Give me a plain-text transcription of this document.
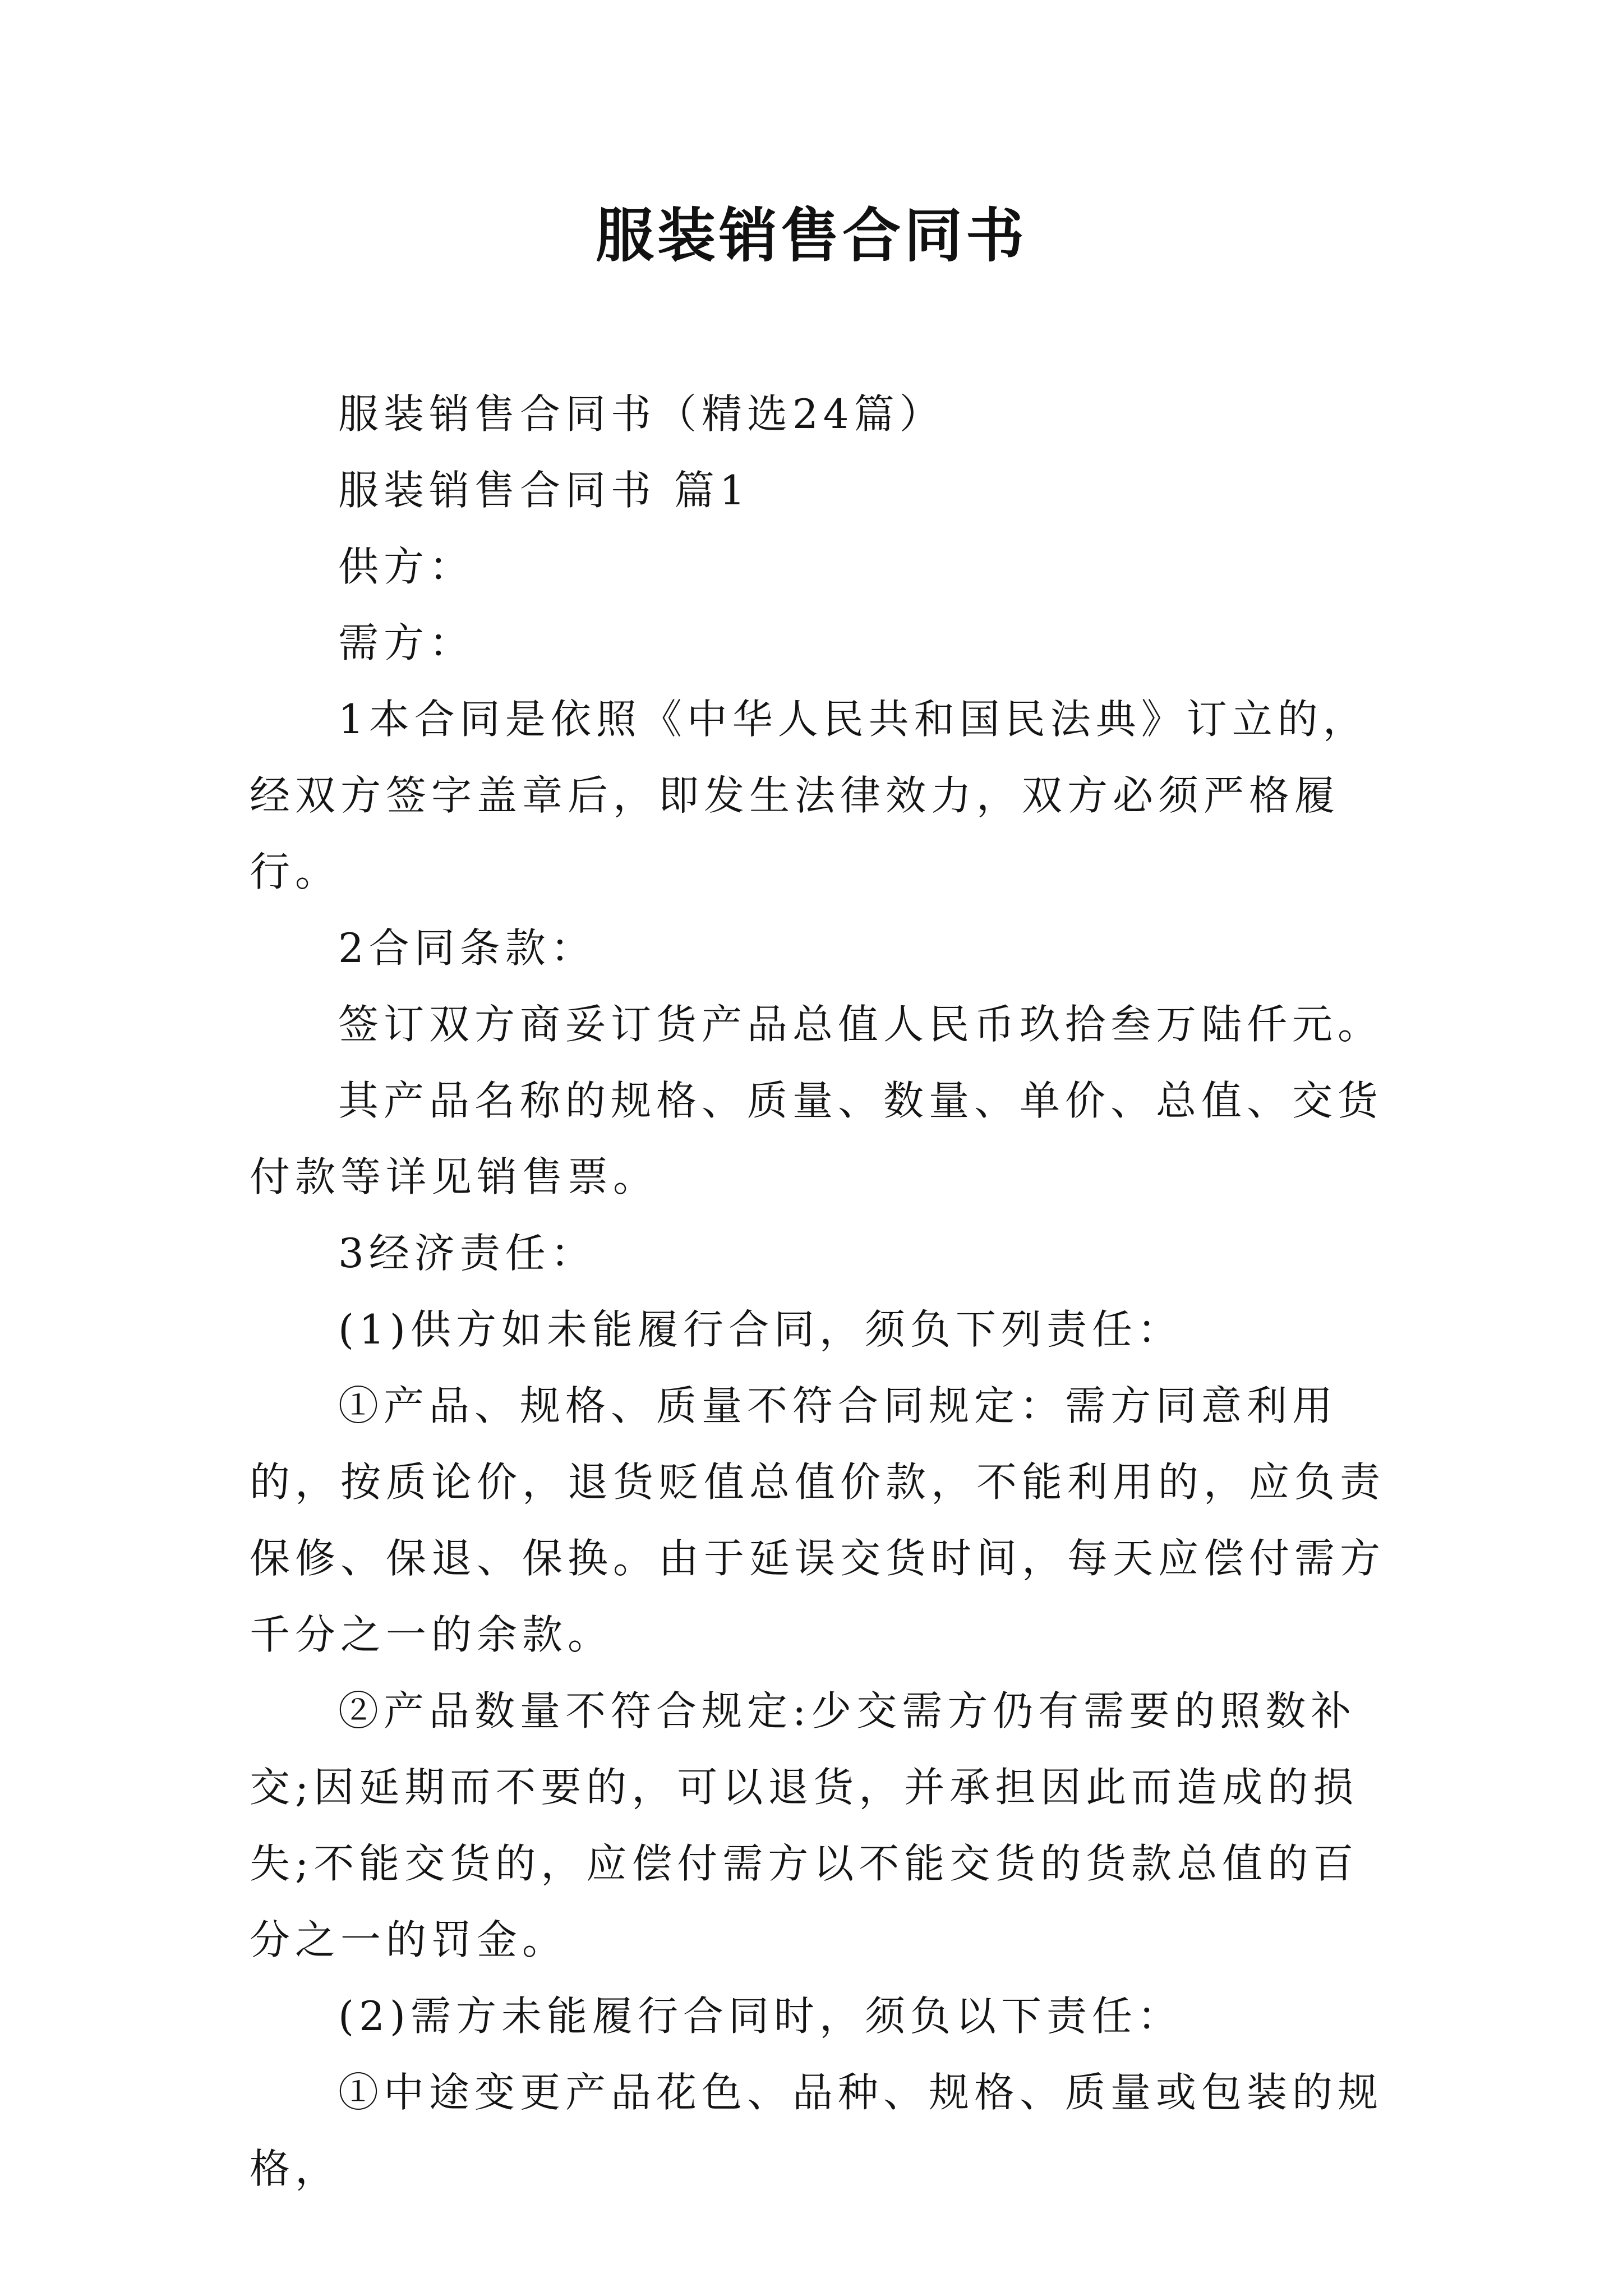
服装销售合同书

服装销售合同书（精选24篇）

服装销售合同书 篇1

供方：

需方：

1本合同是依照《中华人民共和国民法典》订立的，经双方签字盖章后，即发生法律效力，双方必须严格履行。

2合同条款：

签订双方商妥订货产品总值人民币玖拾叁万陆仟元。

其产品名称的规格、质量、数量、单价、总值、交货付款等详见销售票。

3经济责任：

(1)供方如未能履行合同，须负下列责任：

①产品、规格、质量不符合同规定：需方同意利用的，按质论价，退货贬值总值价款，不能利用的，应负责保修、保退、保换。由于延误交货时间，每天应偿付需方千分之一的余款。

②产品数量不符合规定:少交需方仍有需要的照数补交;因延期而不要的，可以退货，并承担因此而造成的损失;不能交货的，应偿付需方以不能交货的货款总值的百分之一的罚金。

(2)需方未能履行合同时，须负以下责任：

①中途变更产品花色、品种、规格、质量或包装的规格，
